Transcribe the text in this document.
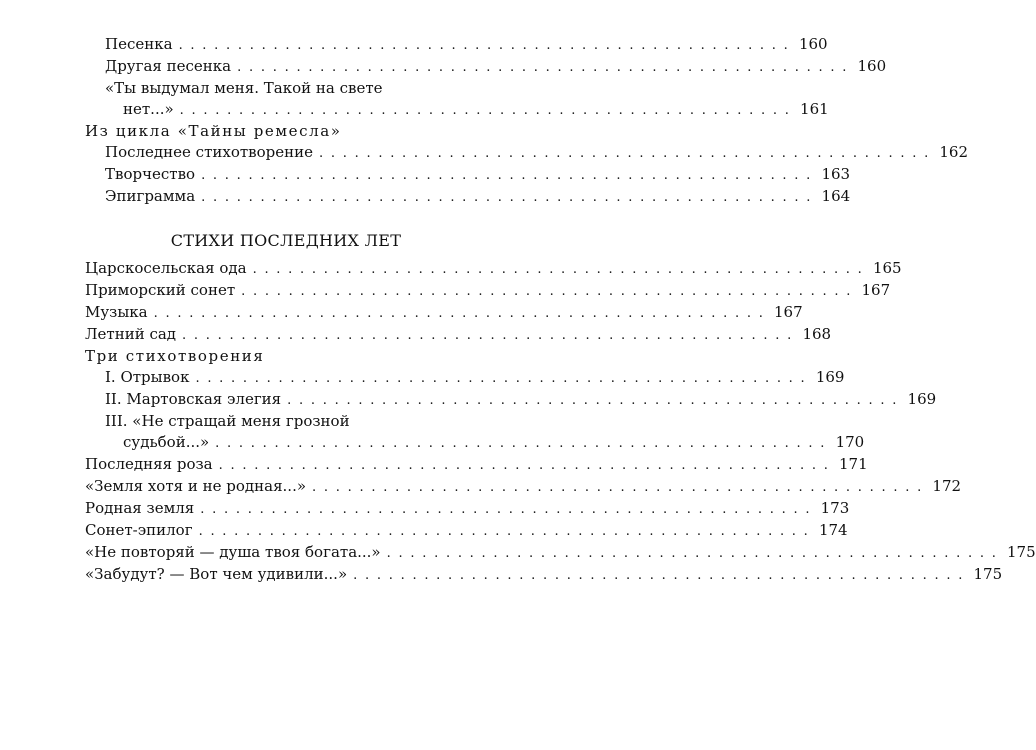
Песенка . . . . . . . . . . . . . . . . . . . . . . . . . . . . . . . . . . . . . . . . . . . . . . . . . . . . 160
Другая песенка . . . . . . . . . . . . . . . . . . . . . . . . . . . . . . . . . . . . . . . . . . . . . . . . . . . . 160
«Ты выдумал меня. Такой на свете
нет...» . . . . . . . . . . . . . . . . . . . . . . . . . . . . . . . . . . . . . . . . . . . . . . . . . . . . 161
Из цикла «Тайны ремесла»
Последнее стихотворение . . . . . . . . . . . . . . . . . . . . . . . . . . . . . . . . . . . . . . . . . . . . . . . . . . . . 162
Творчество . . . . . . . . . . . . . . . . . . . . . . . . . . . . . . . . . . . . . . . . . . . . . . . . . . . . 163
Эпиграмма . . . . . . . . . . . . . . . . . . . . . . . . . . . . . . . . . . . . . . . . . . . . . . . . . . . . 164
СТИХИ ПОСЛЕДНИХ ЛЕТ
Царскосельская ода . . . . . . . . . . . . . . . . . . . . . . . . . . . . . . . . . . . . . . . . . . . . . . . . . . . . 165
Приморский сонет . . . . . . . . . . . . . . . . . . . . . . . . . . . . . . . . . . . . . . . . . . . . . . . . . . . . 167
Музыка . . . . . . . . . . . . . . . . . . . . . . . . . . . . . . . . . . . . . . . . . . . . . . . . . . . . 167
Летний сад . . . . . . . . . . . . . . . . . . . . . . . . . . . . . . . . . . . . . . . . . . . . . . . . . . . . 168
Три стихотворения
I. Отрывок . . . . . . . . . . . . . . . . . . . . . . . . . . . . . . . . . . . . . . . . . . . . . . . . . . . . 169
II. Мартовская элегия . . . . . . . . . . . . . . . . . . . . . . . . . . . . . . . . . . . . . . . . . . . . . . . . . . . . 169
III. «Не стращай меня грозной
судьбой...» . . . . . . . . . . . . . . . . . . . . . . . . . . . . . . . . . . . . . . . . . . . . . . . . . . . . 170
Последняя роза . . . . . . . . . . . . . . . . . . . . . . . . . . . . . . . . . . . . . . . . . . . . . . . . . . . . 171
«Земля хотя и не родная...» . . . . . . . . . . . . . . . . . . . . . . . . . . . . . . . . . . . . . . . . . . . . . . . . . . . . 172
Родная земля . . . . . . . . . . . . . . . . . . . . . . . . . . . . . . . . . . . . . . . . . . . . . . . . . . . . 173
Сонет-эпилог . . . . . . . . . . . . . . . . . . . . . . . . . . . . . . . . . . . . . . . . . . . . . . . . . . . . 174
«Не повторяй — душа твоя богата...» . . . . . . . . . . . . . . . . . . . . . . . . . . . . . . . . . . . . . . . . . . . . . . . . . . . . 175
«Забудут? — Вот чем удивили...» . . . . . . . . . . . . . . . . . . . . . . . . . . . . . . . . . . . . . . . . . . . . . . . . . . . . 175
